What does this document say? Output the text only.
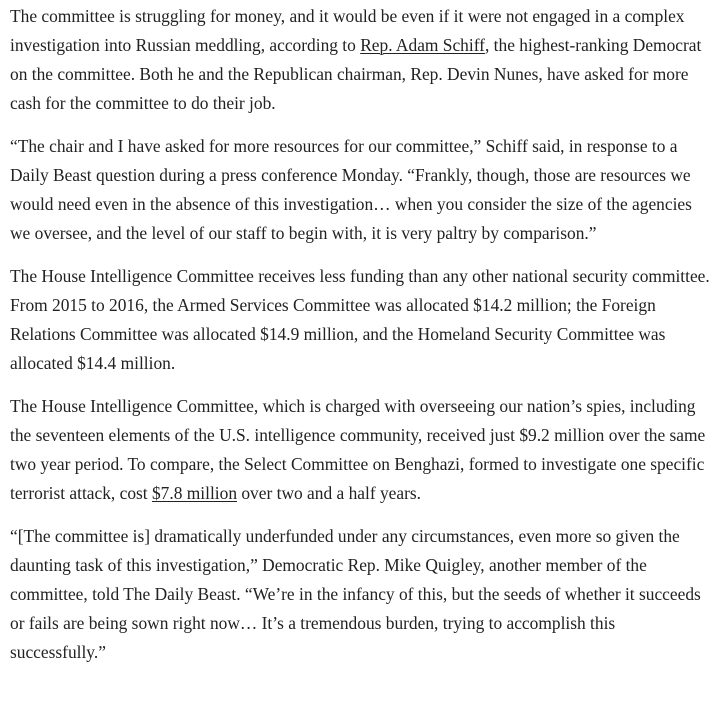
The committee is struggling for money, and it would be even if it were not engaged in a complex investigation into Russian meddling, according to Rep. Adam Schiff, the highest-ranking Democrat on the committee. Both he and the Republican chairman, Rep. Devin Nunes, have asked for more cash for the committee to do their job.

“The chair and I have asked for more resources for our committee,” Schiff said, in response to a Daily Beast question during a press conference Monday. “Frankly, though, those are resources we would need even in the absence of this investigation… when you consider the size of the agencies we oversee, and the level of our staff to begin with, it is very paltry by comparison.”

The House Intelligence Committee receives less funding than any other national security committee. From 2015 to 2016, the Armed Services Committee was allocated $14.2 million; the Foreign Relations Committee was allocated $14.9 million, and the Homeland Security Committee was allocated $14.4 million.

The House Intelligence Committee, which is charged with overseeing our nation’s spies, including the seventeen elements of the U.S. intelligence community, received just $9.2 million over the same two year period. To compare, the Select Committee on Benghazi, formed to investigate one specific terrorist attack, cost $7.8 million over two and a half years.

“[The committee is] dramatically underfunded under any circumstances, even more so given the daunting task of this investigation,” Democratic Rep. Mike Quigley, another member of the committee, told The Daily Beast. “We’re in the infancy of this, but the seeds of whether it succeeds or fails are being sown right now… It’s a tremendous burden, trying to accomplish this successfully.”
